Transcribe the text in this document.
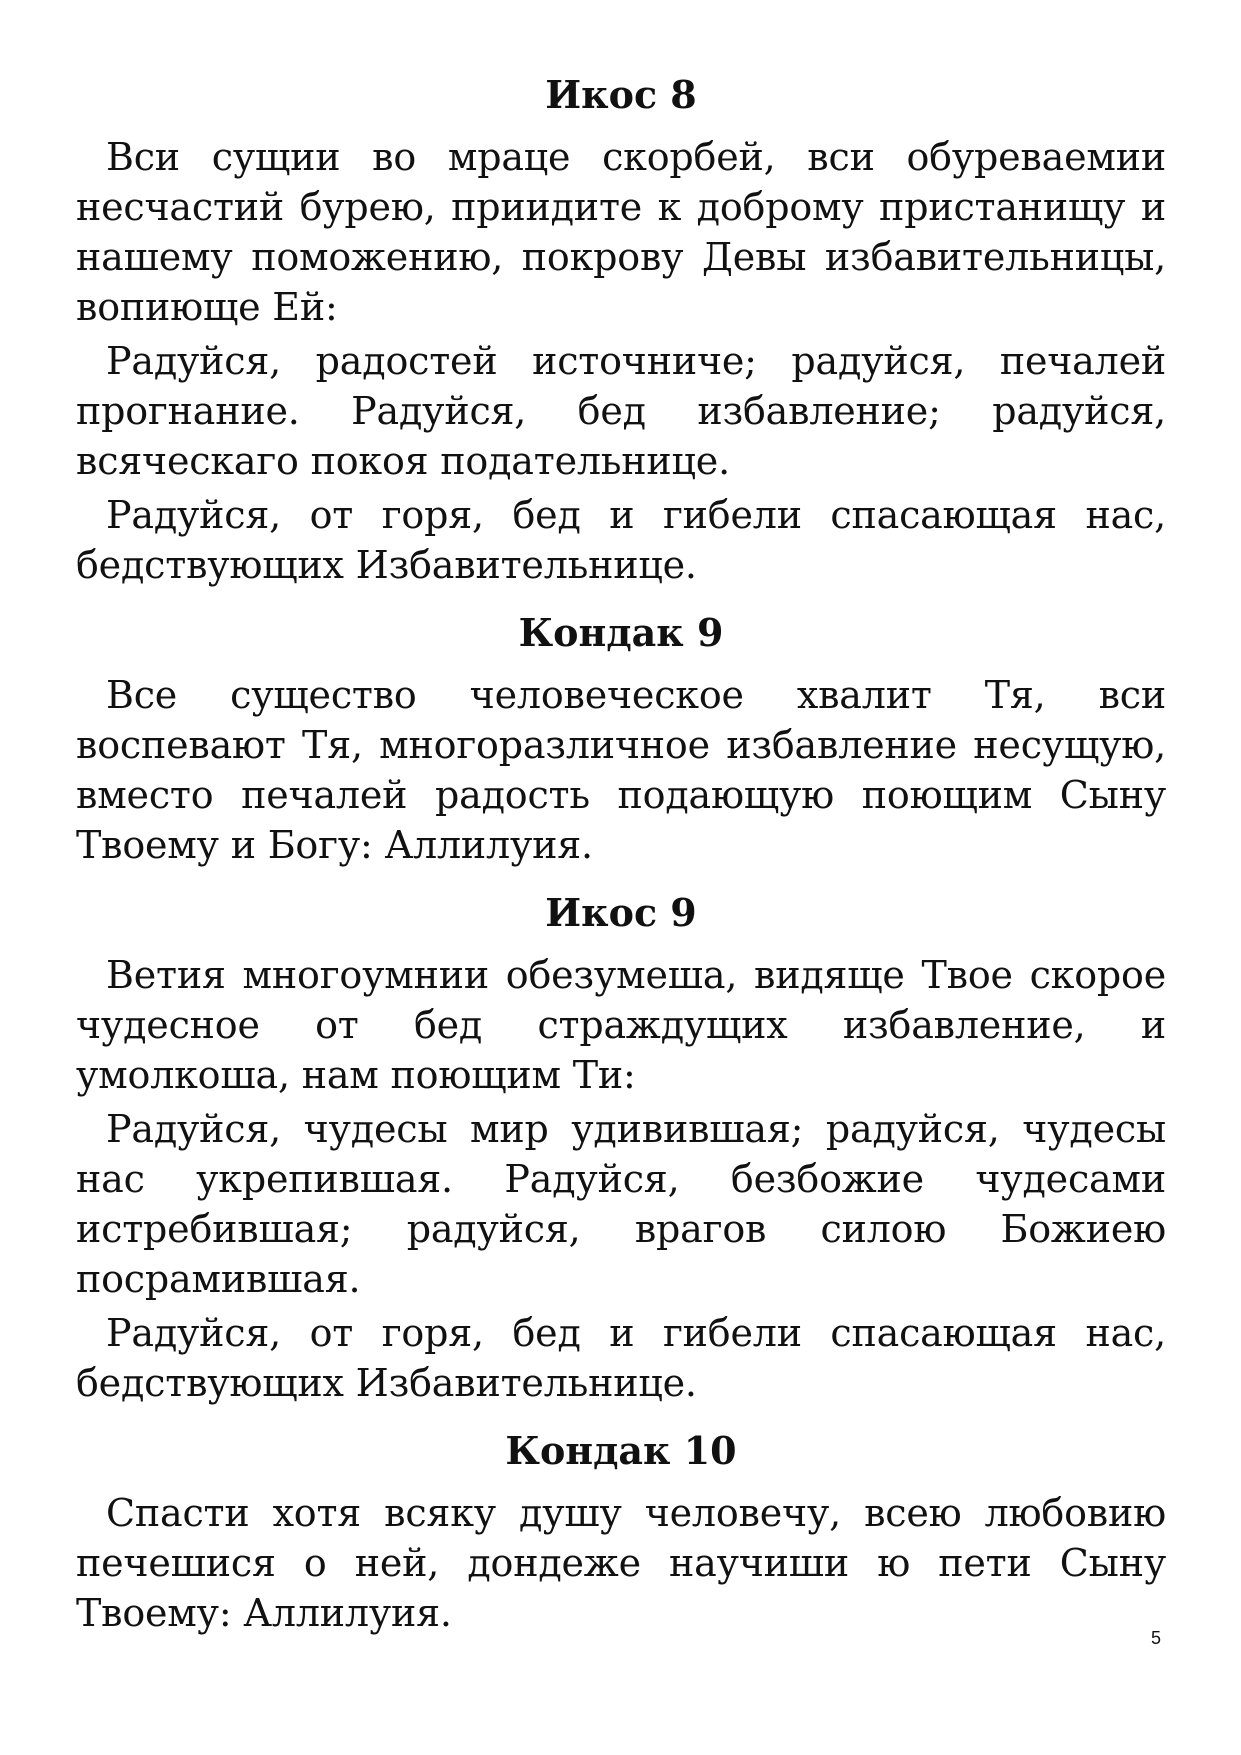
Икос 8

Вси сущии во мраце скорбей, вси обуреваемии несчастий бурею, приидите к доброму пристанищу и нашему поможению, покрову Девы избавительницы, вопиюще Ей:

Радуйся, радостей источниче; радуйся, печалей прогнание. Радуйся, бед избавление; радуйся, всяческаго покоя подательнице.

Радуйся, от горя, бед и гибели спасающая нас, бедствующих Избавительнице.

Кондак 9

Все существо человеческое хвалит Тя, вси воспевают Тя, многоразличное избавление несущую, вместо печалей радость подающую поющим Сыну Твоему и Богу: Аллилуия.

Икос 9

Ветия многоумнии обезумеша, видяще Твое скорое чудесное от бед страждущих избавление, и умолкоша, нам поющим Ти:

Радуйся, чудесы мир удивившая; радуйся, чудесы нас укрепившая. Радуйся, безбожие чудесами истребившая; радуйся, врагов силою Божиею посрамившая.

Радуйся, от горя, бед и гибели спасающая нас, бедствующих Избавительнице.

Кондак 10

Спасти хотя всяку душу человечу, всею любовию печешися о ней, дондеже научиши ю пети Сыну Твоему: Аллилуия.

5
